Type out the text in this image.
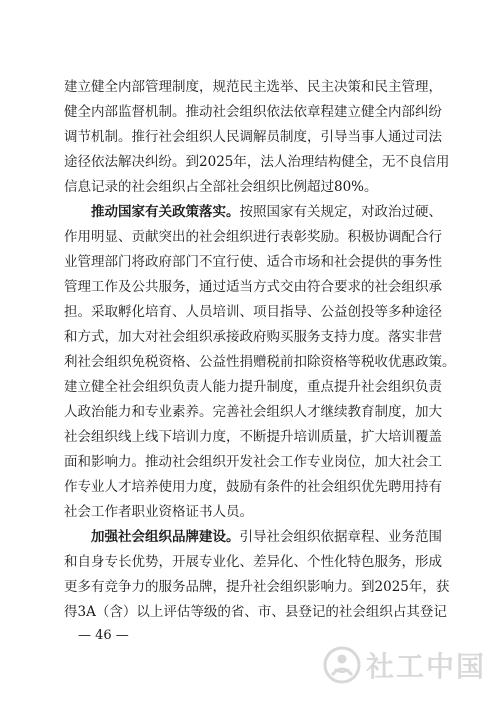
建 立 健 全 内 部 管 理 制 度 ， 规 范 民 主 选 举 、 民 主 决 策 和 民 主 管 理 ，
健 全 内 部 监 督 机 制 。 推 动 社 会 组 织 依 法 依 章 程 建 立 健 全 内 部 纠 纷
调 节 机 制 。 推 行 社 会 组 织 人 民 调 解 员 制 度 ， 引 导 当 事 人 通 过 司 法
途 径 依 法 解 决 纠 纷 。 到 2 0 2 5 年 ， 法 人 治 理 结 构 健 全 ， 无 不 良 信 用
信息记录的社会组织占全部社会组织比例超过80%。
　　推动国家有关政策落实。 按照国家有关规定，对政治过硬、
作 用 明 显 、 贡 献 突 出 的 社 会 组 织 进 行 表 彰 奖 励 。 积 极 协 调 配 合 行
业 管 理 部 门 将 政 府 部 门 不 宜 行 使 、 适 合 市 场 和 社 会 提 供 的 事 务 性
管 理 工 作 及 公 共 服 务 ， 通 过 适 当 方 式 交 由 符 合 要 求 的 社 会 组 织 承
担 。 采 取 孵 化 培 育 、 人 员 培 训 、 项 目 指 导 、 公 益 创 投 等 多 种 途 径
和 方 式 ， 加 大 对 社 会 组 织 承 接 政 府 购 买 服 务 支 持 力 度 。 落 实 非 营
利 社 会 组 织 免 税 资 格 、 公 益 性 捐 赠 税 前 扣 除 资 格 等 税 收 优 惠 政 策 。
建 立 健 全 社 会 组 织 负 责 人 能 力 提 升 制 度 ， 重 点 提 升 社 会 组 织 负 责
人 政 治 能 力 和 专 业 素 养 。 完 善 社 会 组 织 人 才 继 续 教 育 制 度 ， 加 大
社 会 组 织 线 上 线 下 培 训 力 度 ， 不 断 提 升 培 训 质 量 ， 扩 大 培 训 覆 盖
面 和 影 响 力 。 推 动 社 会 组 织 开 发 社 会 工 作 专 业 岗 位 ， 加 大 社 会 工
作 专 业 人 才 培 养 使 用 力 度 ， 鼓 励 有 条 件 的 社 会 组 织 优 先 聘 用 持 有
社会工作者职业资格证书人员。
　　加强社会组织品牌建设。 引导社会组织依据章程、业务范围
和 自 身 专 长 优 势 ， 开 展 专 业 化 、 差 异 化 、 个 性 化 特 色 服 务 ， 形 成
更 多 有 竞 争 力 的 服 务 品 牌 ， 提 升 社 会 组 织 影 响 力 。 到 2 0 2 5 年 ， 获
得 3 A （ 含 ） 以 上 评 估 等 级 的 省 、 市 、 县 登 记 的 社 会 组 织 占 其 登 记
— 46 —
社工中国
